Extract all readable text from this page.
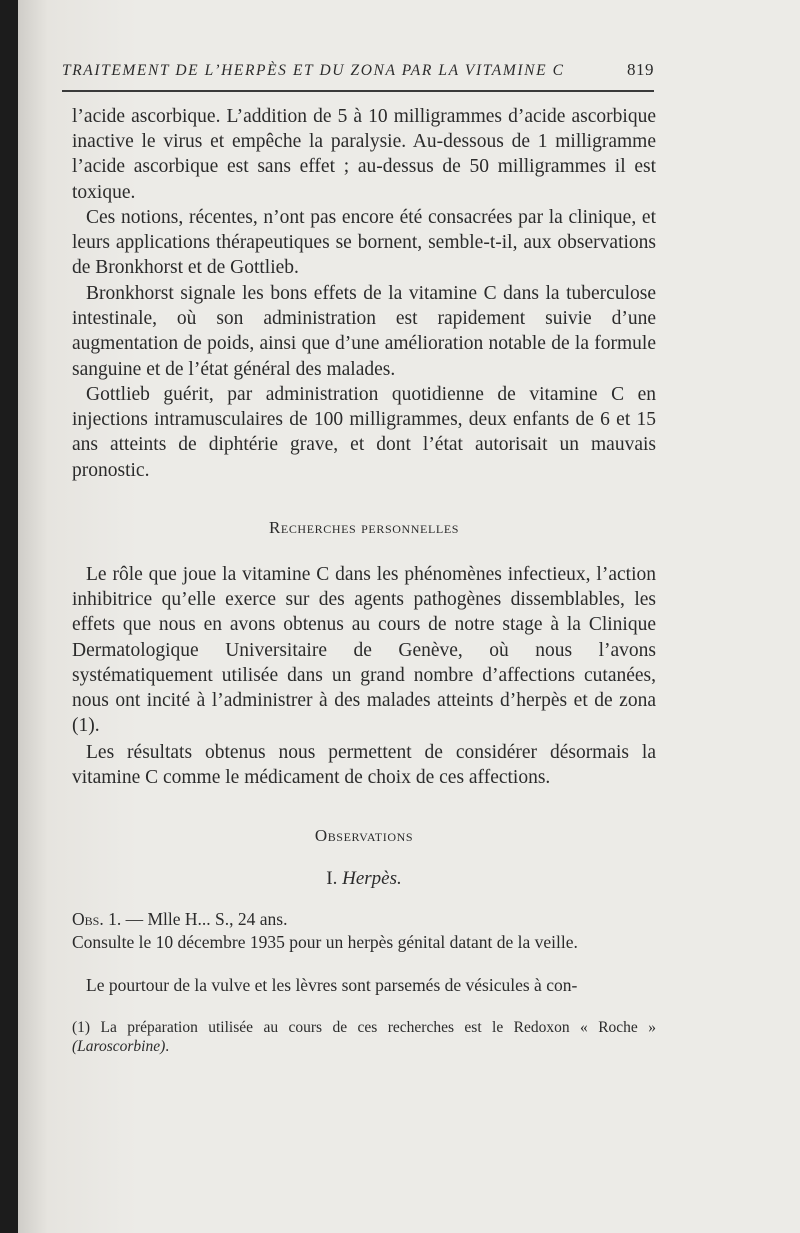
TRAITEMENT DE L’HERPÈS ET DU ZONA PAR LA VITAMINE C	819

l’acide ascorbique. L’addition de 5 à 10 milligrammes d’acide ascorbique inactive le virus et empêche la paralysie. Au-dessous de 1 milligramme l’acide ascorbique est sans effet ; au-dessus de 50 milligrammes il est toxique.

Ces notions, récentes, n’ont pas encore été consacrées par la clinique, et leurs applications thérapeutiques se bornent, semble-t-il, aux observations de Bronkhorst et de Gottlieb.

Bronkhorst signale les bons effets de la vitamine C dans la tuberculose intestinale, où son administration est rapidement suivie d’une augmentation de poids, ainsi que d’une amélioration notable de la formule sanguine et de l’état général des malades.

Gottlieb guérit, par administration quotidienne de vitamine C en injections intramusculaires de 100 milligrammes, deux enfants de 6 et 15 ans atteints de diphtérie grave, et dont l’état autorisait un mauvais pronostic.

Recherches personnelles

Le rôle que joue la vitamine C dans les phénomènes infectieux, l’action inhibitrice qu’elle exerce sur des agents pathogènes dissemblables, les effets que nous en avons obtenus au cours de notre stage à la Clinique Dermatologique Universitaire de Genève, où nous l’avons systématiquement utilisée dans un grand nombre d’affections cutanées, nous ont incité à l’administrer à des malades atteints d’herpès et de zona (1).

Les résultats obtenus nous permettent de considérer désormais la vitamine C comme le médicament de choix de ces affections.

Observations
I. Herpès.

Obs. 1. — Mlle H... S., 24 ans.

Consulte le 10 décembre 1935 pour un herpès génital datant de la veille.

Le pourtour de la vulve et les lèvres sont parsemés de vésicules à con-

(1) La préparation utilisée au cours de ces recherches est le Redoxon « Roche » (Laroscorbine).
